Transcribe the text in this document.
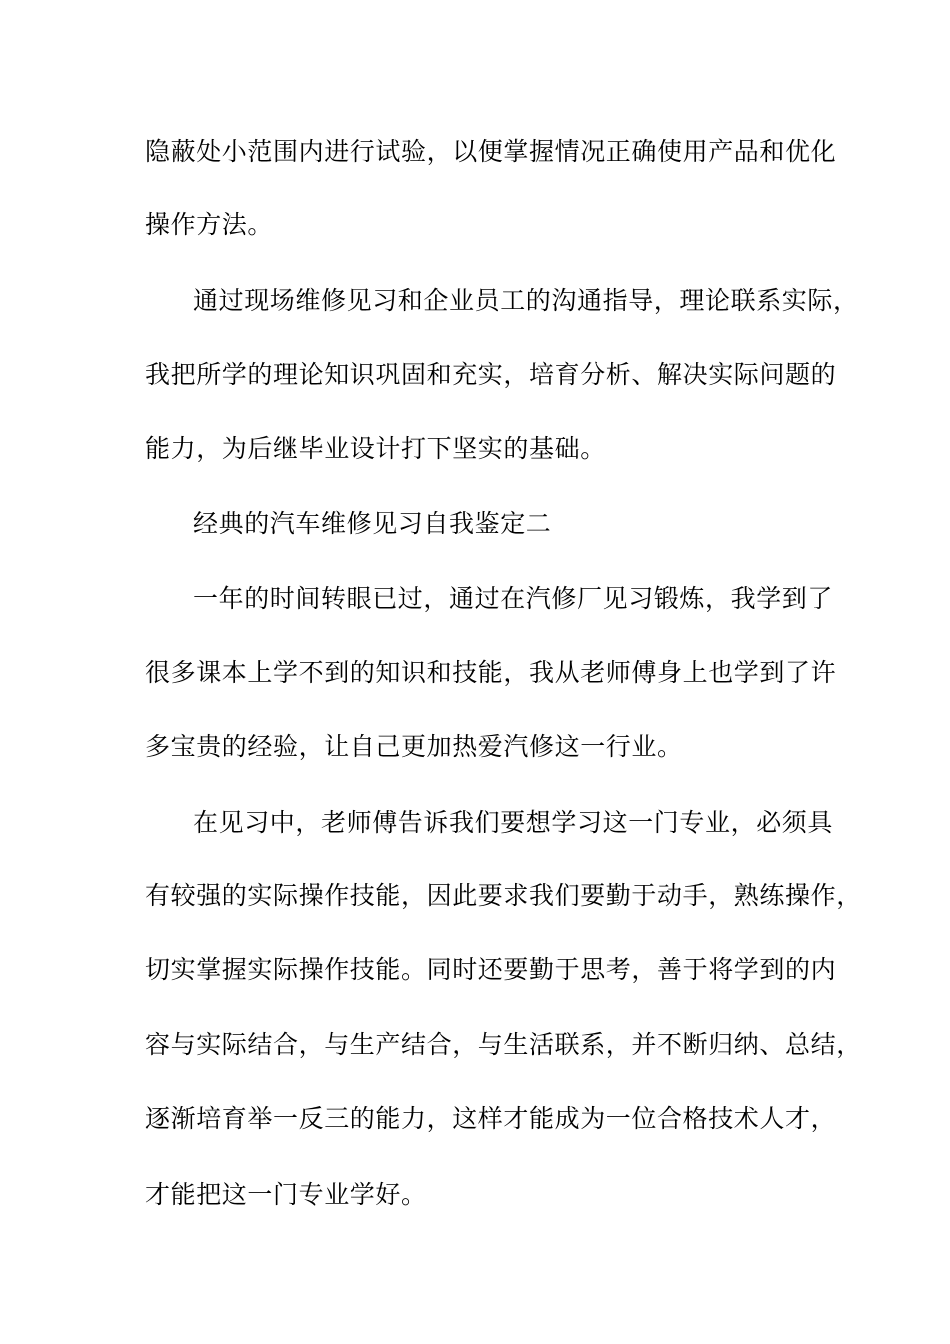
隐蔽处小范围内进行试验，以便掌握情况正确使用产品和优化
操作方法。
通过现场维修见习和企业员工的沟通指导，理论联系实际，
我把所学的理论知识巩固和充实，培育分析、解决实际问题的
能力，为后继毕业设计打下坚实的基础。
经典的汽车维修见习自我鉴定二
一年的时间转眼已过，通过在汽修厂见习锻炼，我学到了
很多课本上学不到的知识和技能，我从老师傅身上也学到了许
多宝贵的经验，让自己更加热爱汽修这一行业。
在见习中，老师傅告诉我们要想学习这一门专业，必须具
有较强的实际操作技能，因此要求我们要勤于动手，熟练操作，
切实掌握实际操作技能。同时还要勤于思考，善于将学到的内
容与实际结合，与生产结合，与生活联系，并不断归纳、总结，
逐渐培育举一反三的能力，这样才能成为一位合格技术人才，
才能把这一门专业学好。
